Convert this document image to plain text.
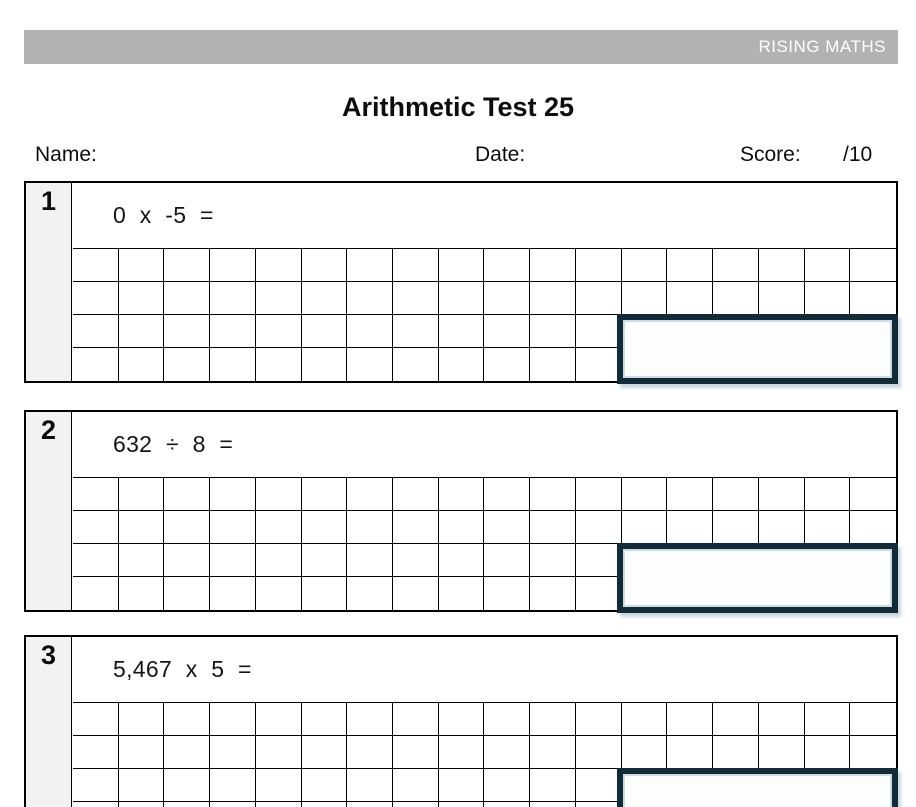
RISING MATHS
Arithmetic Test 25
Name:	Date:	Score: /10
1	0 x -5 =
2	632 ÷ 8 =
3	5,467 x 5 =
